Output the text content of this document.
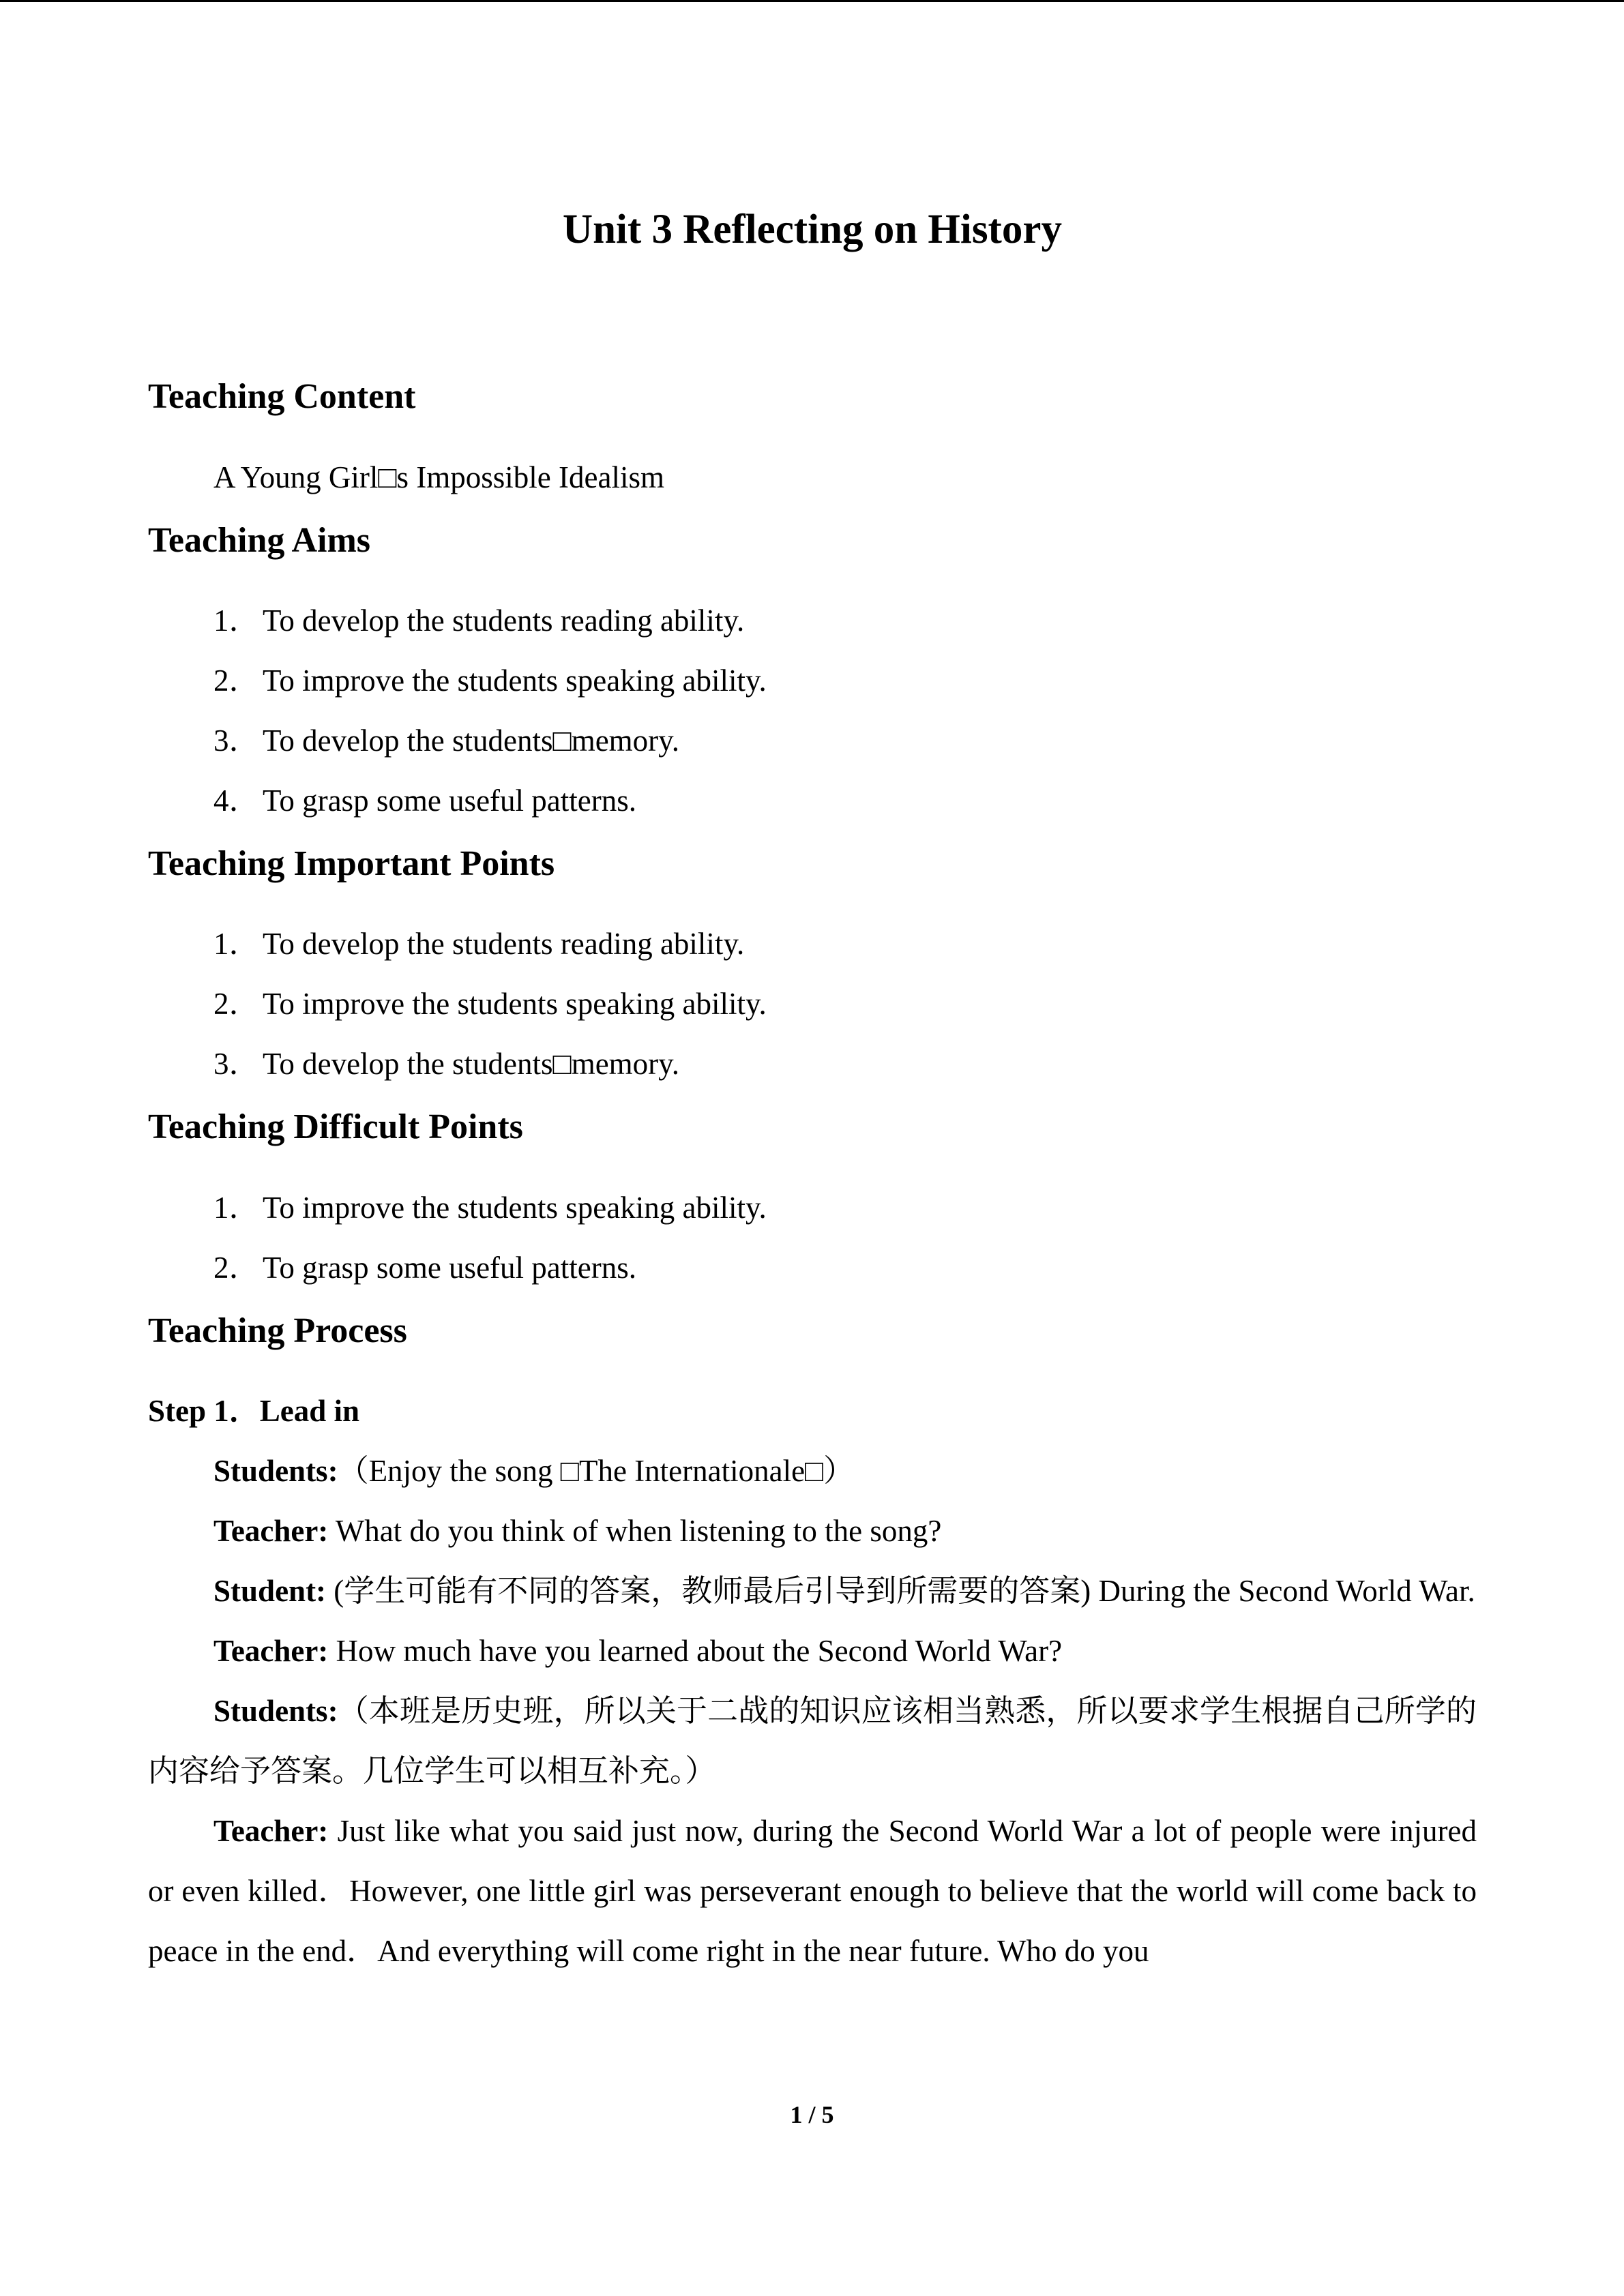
Unit 3 Reflecting on History
Teaching Content

A Young Girl□s Impossible Idealism

Teaching Aims
1．To develop the students reading ability.
2．To improve the students speaking ability.
3．To develop the students□memory.
4．To grasp some useful patterns.
Teaching Important Points
1．To develop the students reading ability.
2．To improve the students speaking ability.
3．To develop the students□memory.
Teaching Difficult Points
1．To improve the students speaking ability.
2．To grasp some useful patterns.
Teaching Process

Step 1．Lead in

Students:（Enjoy the song □The Internationale□）

Teacher: What do you think of when listening to the song?

Student: (学生可能有不同的答案，教师最后引导到所需要的答案) During the Second World War.

Teacher: How much have you learned about the Second World War?

Students:（本班是历史班，所以关于二战的知识应该相当熟悉，所以要求学生根据自己所学的内容给予答案。几位学生可以相互补充。）

Teacher: Just like what you said just now, during the Second World War a lot of people were injured or even killed．However, one little girl was perseverant enough to believe that the world will come back to peace in the end．And everything will come right in the near future. Who do you

1 / 5
